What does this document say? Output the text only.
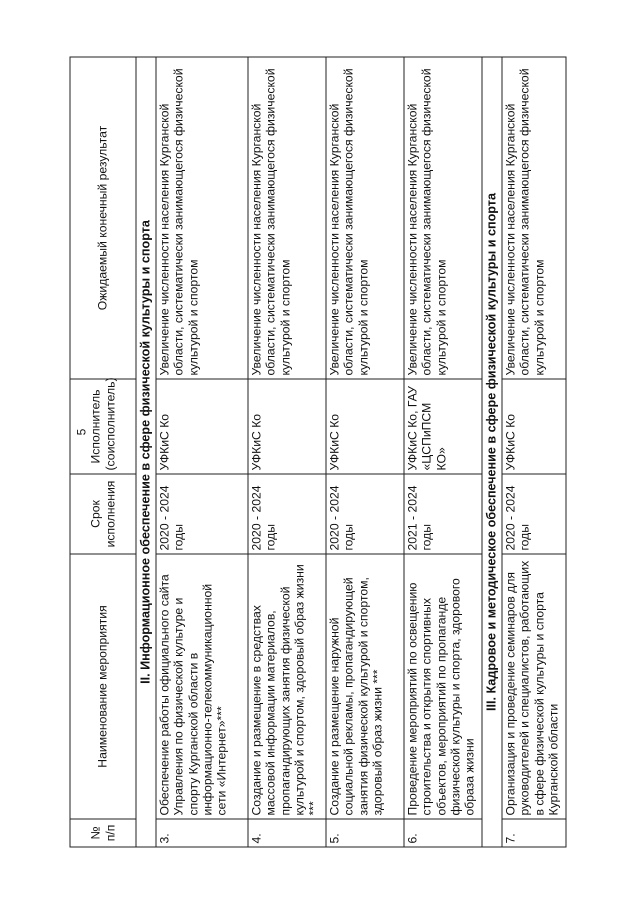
5
№ п/п	Наименование мероприятия	Срок исполнения	Исполнитель (соисполнитель)	Ожидаемый конечный результат
II. Информационное обеспечение в сфере физической культуры и спорта				
3.	Обеспечение работы официального сайта Управления по физической культуре и спорту Курганской области в информационно-телекоммуникационной сети «Интернет»***	2020 - 2024 годы	УФКиС Ко	Увеличение численности населения Курганской области, систематически занимающегося физической культурой и спортом
4.	Создание и размещение в средствах массовой информации материалов, пропагандирующих занятия физической культурой и спортом, здоровый образ жизни ***	2020 - 2024 годы	УФКиС Ко	Увеличение численности населения Курганской области, систематически занимающегося физической культурой и спортом
5.	Создание и размещение наружной социальной рекламы, пропагандирующей занятия физической культурой и спортом, здоровый образ жизни ***	2020 - 2024 годы	УФКиС Ко	Увеличение численности населения Курганской области, систематически занимающегося физической культурой и спортом
6.	Проведение мероприятий по освещению строительства и открытия спортивных объектов, мероприятий по пропаганде физической культуры и спорта, здорового образа жизни	2021 - 2024 годы	УФКиС Ко, ГАУ «ЦСПиПСМ КО»	Увеличение численности населения Курганской области, систематически занимающегося физической культурой и спортом
III. Кадровое и методическое обеспечение в сфере физической культуры и спорта				
7.	Организация и проведение семинаров для руководителей и специалистов, работающих в сфере физической культуры и спорта Курганской области	2020 - 2024 годы	УФКиС Ко	Увеличение численности населения Курганской области, систематически занимающегося физической культурой и спортом
